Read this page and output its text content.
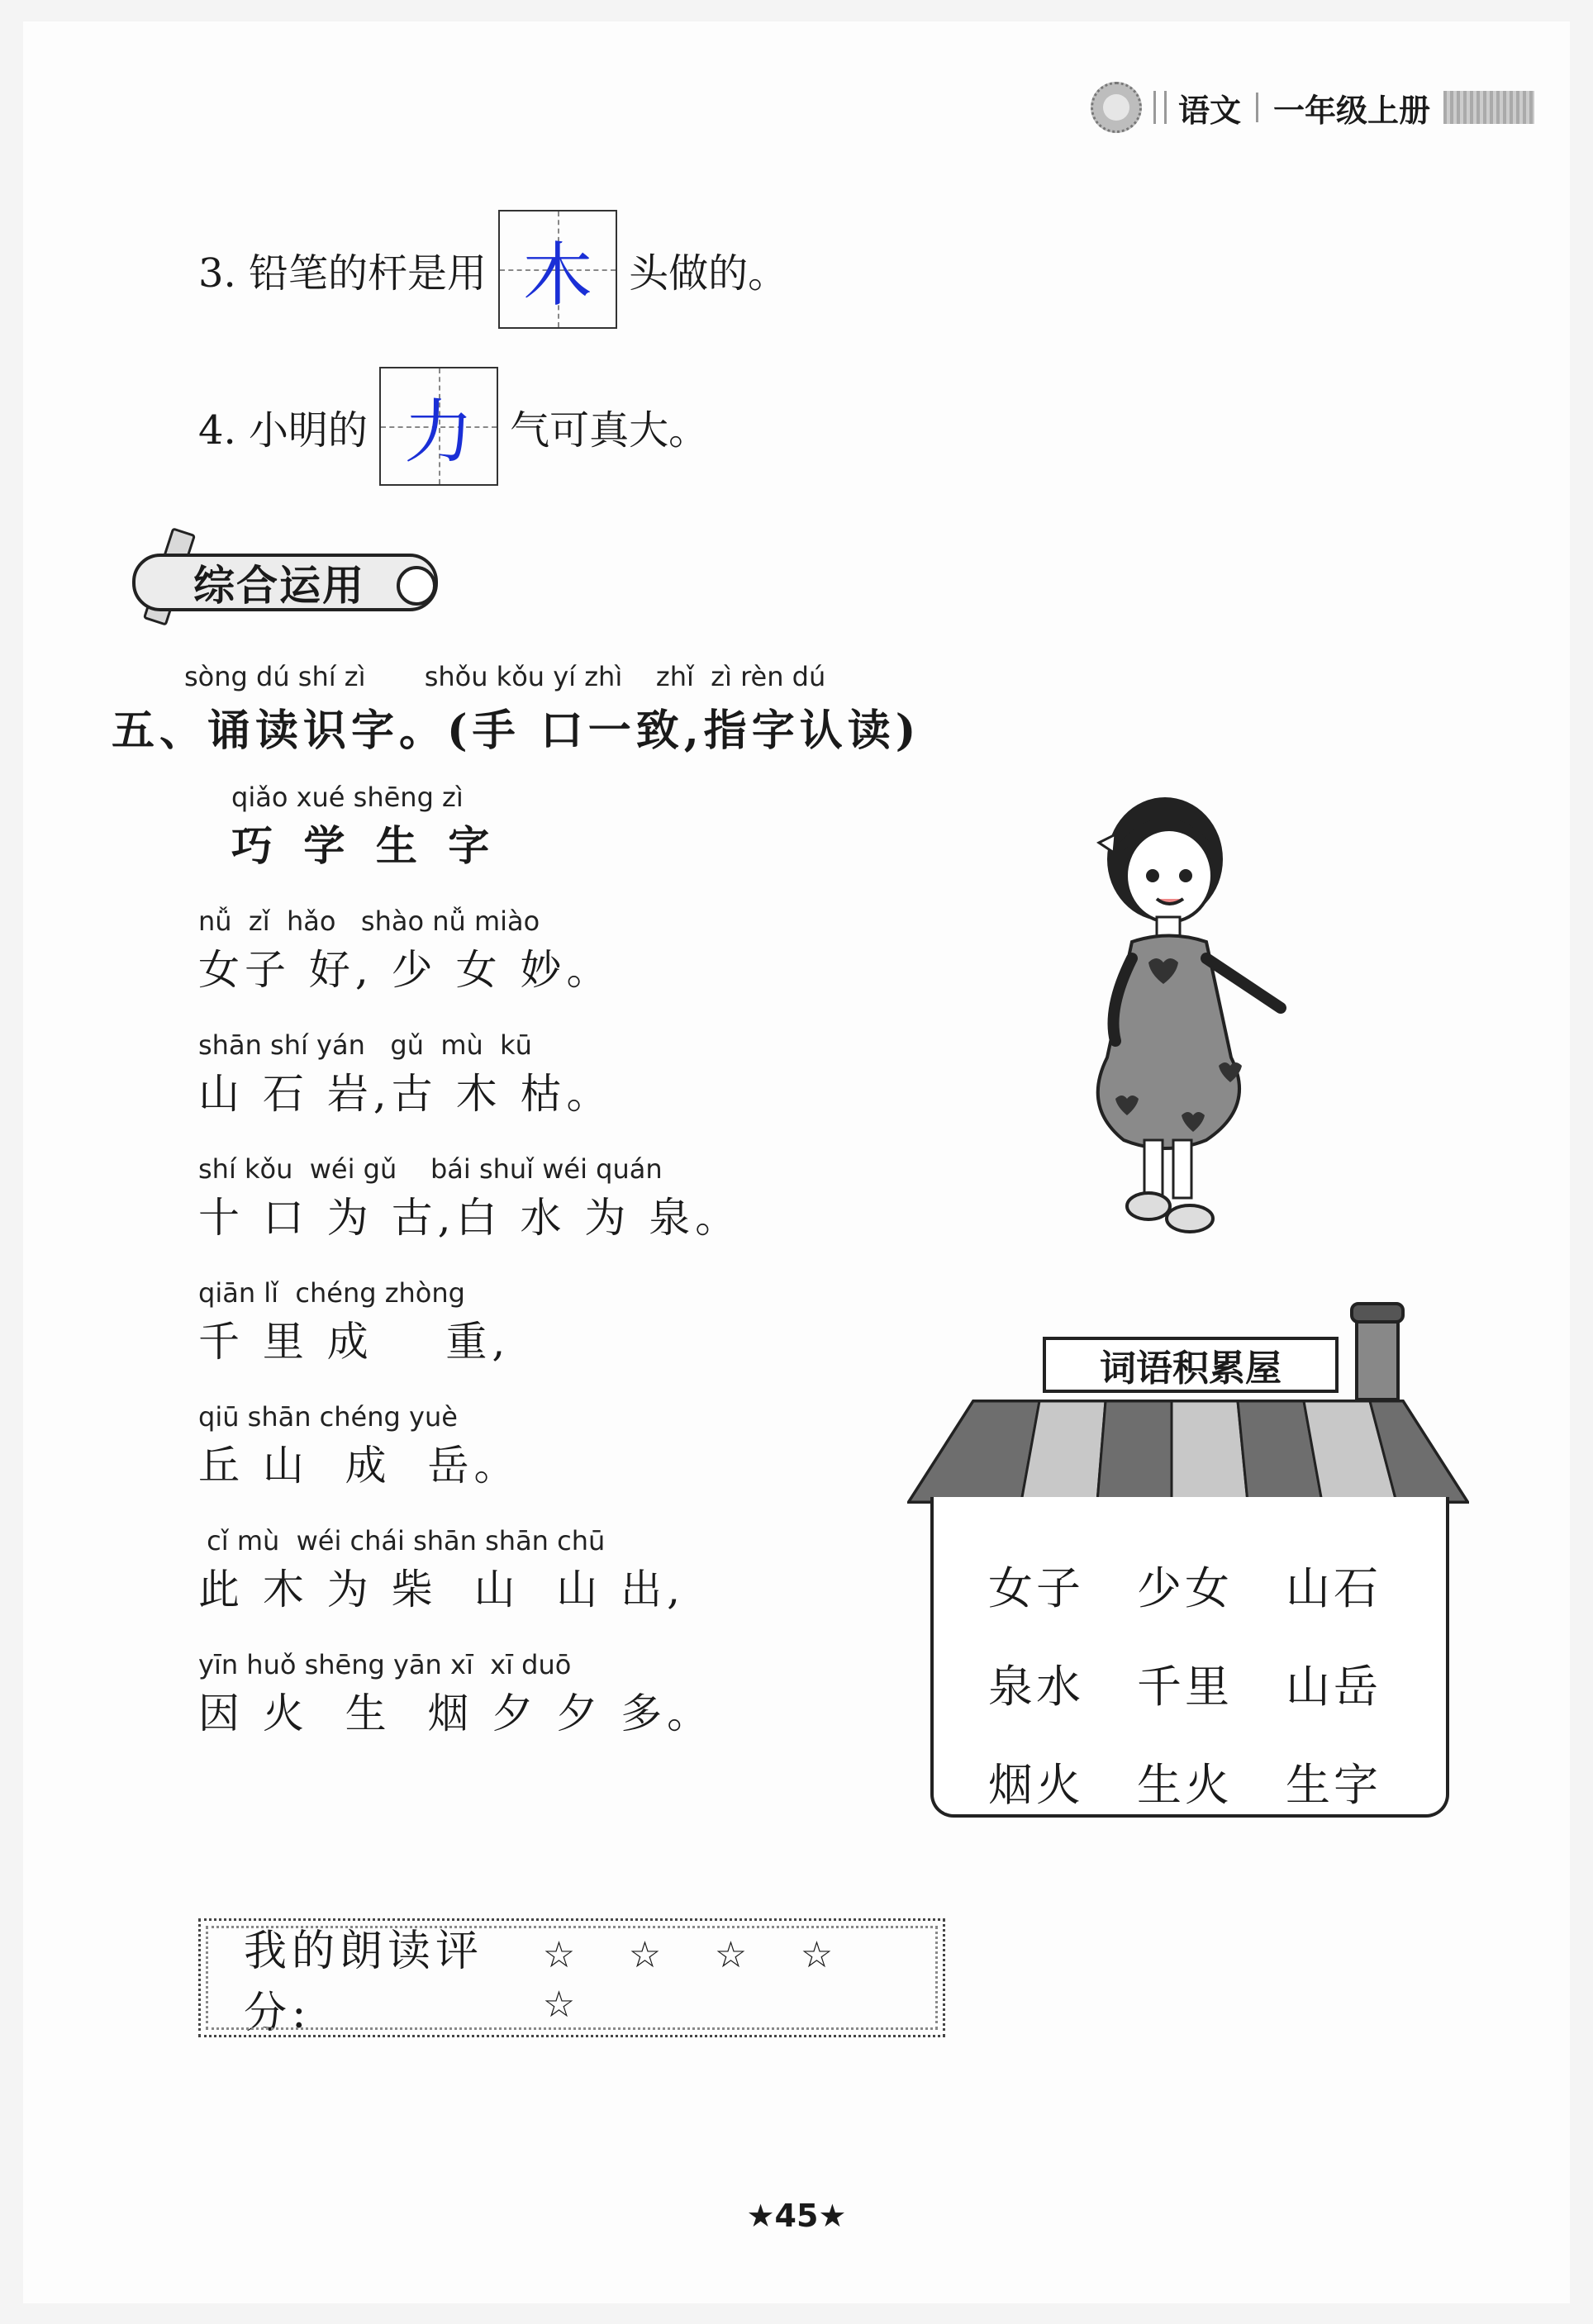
语文 一年级上册
3. 铅笔的杆是用 木 头做的。
4. 小明的 力 气可真大。
综合运用
sòng dú shí zì       shǒu kǒu yí zhì    zhǐ  zì rèn dú
五、诵读识字。(手 口一致,指字认读)
qiǎo xué shēng zì
巧 学 生 字
nǚ  zǐ  hǎo   shào nǚ miào
女子 好, 少 女 妙。
shān shí yán   gǔ  mù  kū
山 石 岩,古 木 枯。
shí kǒu  wéi gǔ    bái shuǐ wéi quán
十 口 为 古,白 水 为 泉。
qiān lǐ  chéng zhòng
千 里 成    重,
qiū shān chéng yuè
丘 山  成  岳。
cǐ mù  wéi chái shān shān chū
此 木 为 柴  山  山 出,
yīn huǒ shēng yān xī  xī duō
因 火  生  烟 夕 夕 多。
词语积累屋
女子	少女	山石
泉水	千里	山岳
烟火	生火	生字
我的朗读评分:
☆ ☆ ☆ ☆ ☆
★45★
